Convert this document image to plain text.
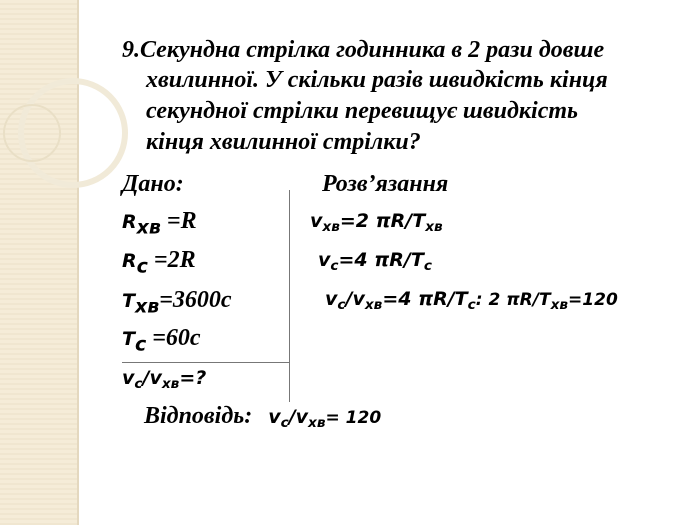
9.Секундна стрілка годинника в 2 рази довше
хвилинної. У скільки разів швидкість кінця
секундної стрілки перевищує швидкість
кінця хвилинної стрілки?
Дано:	Розв’язання
$R_{хв} =R$
$R_c =2R$
$T_{хв}=3600с$
$T_c =60с$
$v_c/v_{хв}=$?
$v_{хв}=2$ $\pi R/T_{хв}$
$v_c=4$ $\pi R/T_c$
$v_c/v_{хв}=4$ $\pi R/T_c$: 2 $\pi R/T_{хв}=120$
Відповідь: $v_c/v_{хв}= 120$
